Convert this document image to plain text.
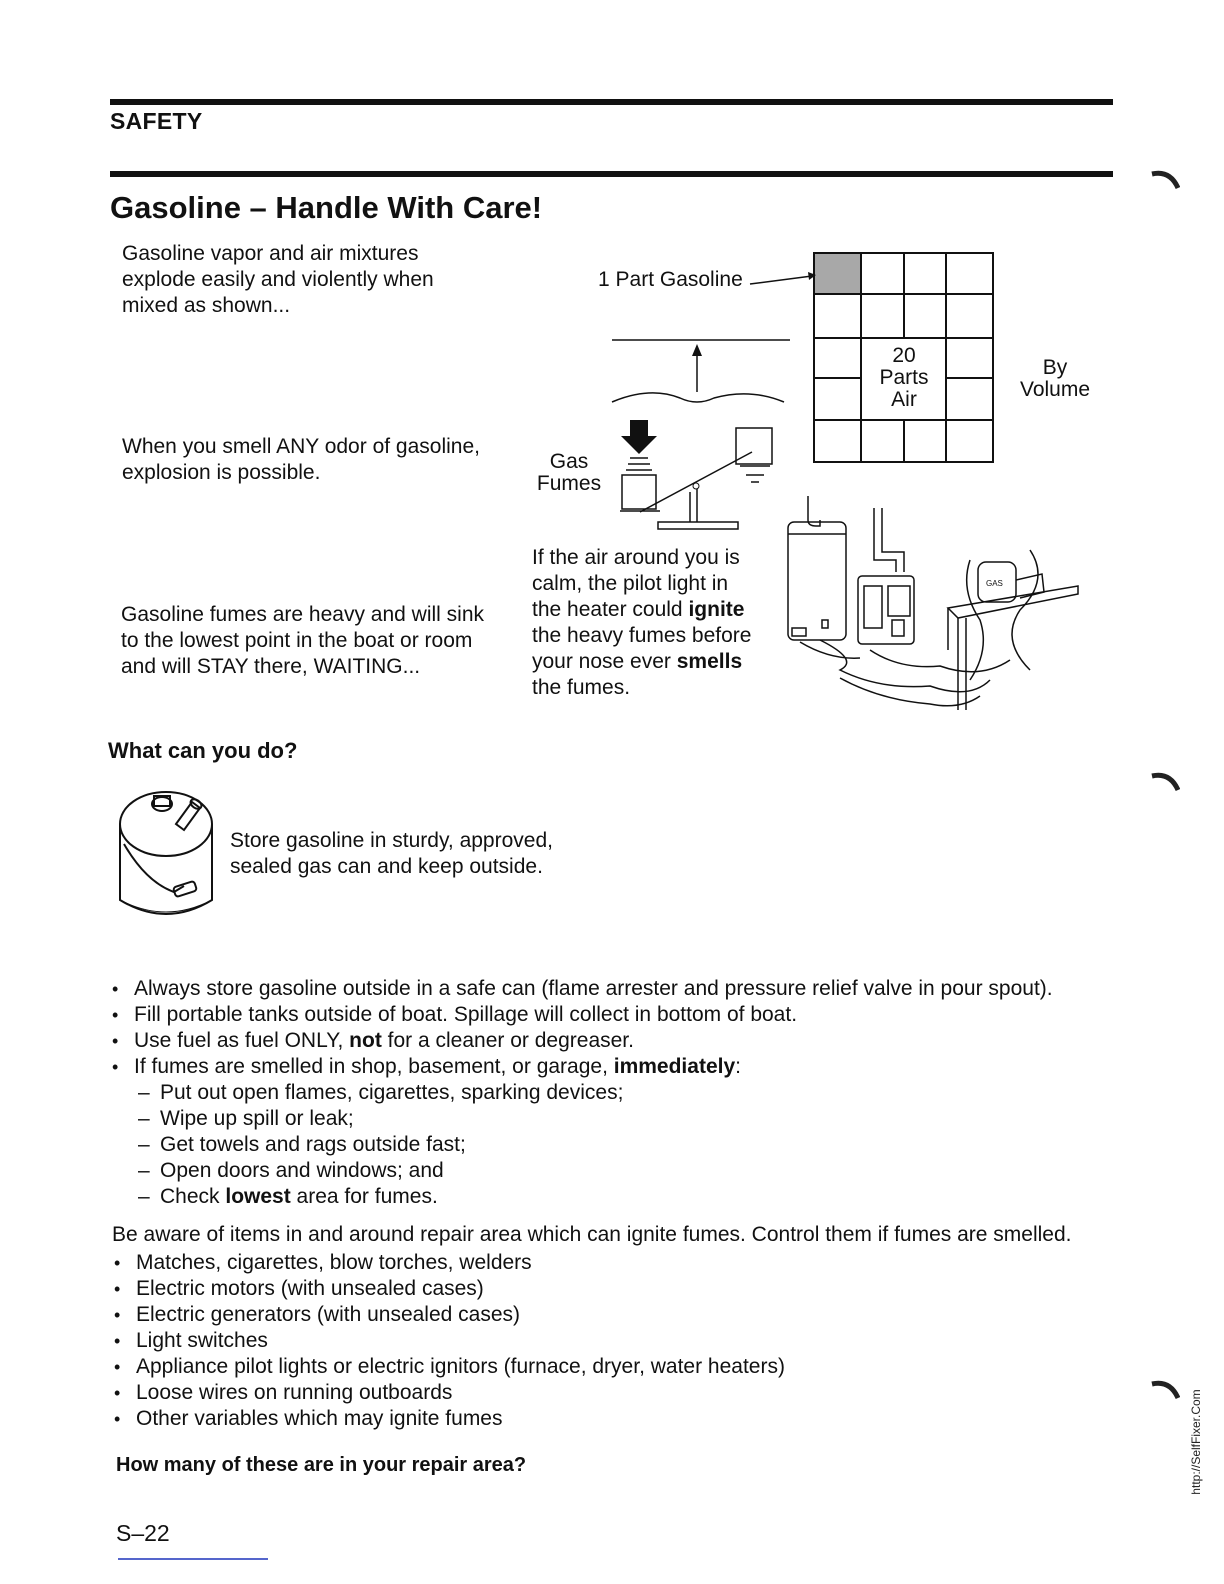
SAFETY
Gasoline – Handle With Care!
Gasoline vapor and air mixtures
explode easily and violently when
mixed as shown...
When you smell ANY odor of gasoline,
explosion is possible.
Gasoline fumes are heavy and will sink
to the lowest point in the boat or room
and will STAY there, WAITING...
1 Part Gasoline
20
Parts
Air
By
Volume
Gas
Fumes
If the air around you is
calm, the pilot light in
the heater could ignite
the heavy fumes before
your nose ever smells
the fumes.
GAS
What can you do?
Store gasoline in sturdy, approved,
sealed gas can and keep outside.
• Always store gasoline outside in a safe can (flame arrester and pressure relief valve in pour spout).
• Fill portable tanks outside of boat. Spillage will collect in bottom of boat.
• Use fuel as fuel ONLY, not for a cleaner or degreaser.
• If fumes are smelled in shop, basement, or garage, immediately:
– Put out open flames, cigarettes, sparking devices;
– Wipe up spill or leak;
– Get towels and rags outside fast;
– Open doors and windows; and
– Check lowest area for fumes.
Be aware of items in and around repair area which can ignite fumes. Control them if fumes are smelled.
• Matches, cigarettes, blow torches, welders
• Electric motors (with unsealed cases)
• Electric generators (with unsealed cases)
• Light switches
• Appliance pilot lights or electric ignitors (furnace, dryer, water heaters)
• Loose wires on running outboards
• Other variables which may ignite fumes
How many of these are in your repair area?
S–22
http://SelfFixer.Com
